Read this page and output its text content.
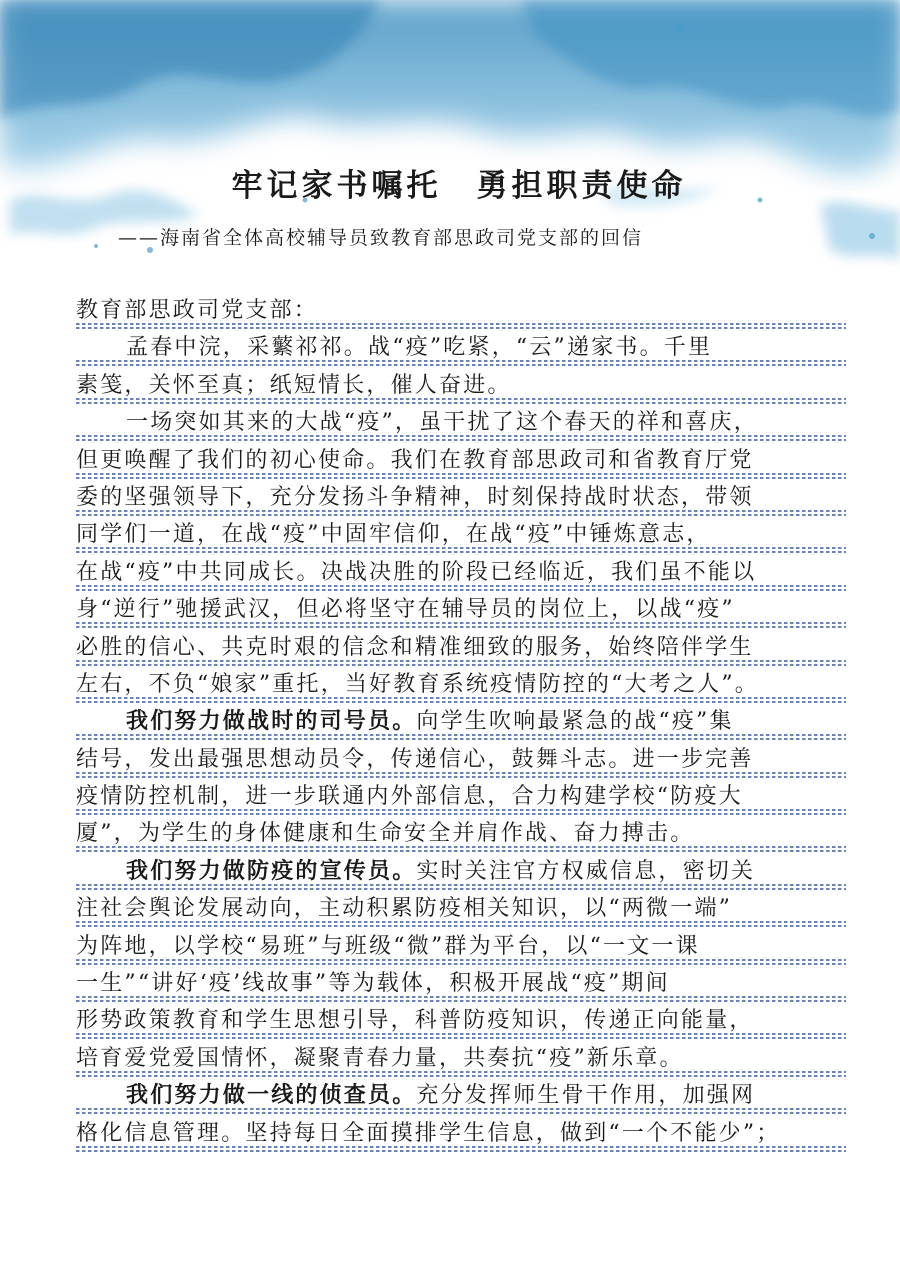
牢记家书嘱托　勇担职责使命
——海南省全体高校辅导员致教育部思政司党支部的回信
教育部思政司党支部：
孟春中浣，采蘩祁祁。战“疫”吃紧，“云”递家书。千里
素笺，关怀至真；纸短情长，催人奋进。
一场突如其来的大战“疫”，虽干扰了这个春天的祥和喜庆，
但更唤醒了我们的初心使命。我们在教育部思政司和省教育厅党
委的坚强领导下，充分发扬斗争精神，时刻保持战时状态，带领
同学们一道，在战“疫”中固牢信仰，在战“疫”中锤炼意志，
在战“疫”中共同成长。决战决胜的阶段已经临近，我们虽不能以
身“逆行”驰援武汉，但必将坚守在辅导员的岗位上，以战“疫”
必胜的信心、共克时艰的信念和精准细致的服务，始终陪伴学生
左右，不负“娘家”重托，当好教育系统疫情防控的“大考之人”。
我们努力做战时的司号员。向学生吹响最紧急的战“疫”集
结号，发出最强思想动员令，传递信心，鼓舞斗志。进一步完善
疫情防控机制，进一步联通内外部信息，合力构建学校“防疫大
厦”，为学生的身体健康和生命安全并肩作战、奋力搏击。
我们努力做防疫的宣传员。实时关注官方权威信息，密切关
注社会舆论发展动向，主动积累防疫相关知识，以“两微一端”
为阵地，以学校“易班”与班级“微”群为平台，以“一文一课
一生”“讲好‘疫’线故事”等为载体，积极开展战“疫”期间
形势政策教育和学生思想引导，科普防疫知识，传递正向能量，
培育爱党爱国情怀，凝聚青春力量，共奏抗“疫”新乐章。
我们努力做一线的侦查员。充分发挥师生骨干作用，加强网
格化信息管理。坚持每日全面摸排学生信息，做到“一个不能少”；
